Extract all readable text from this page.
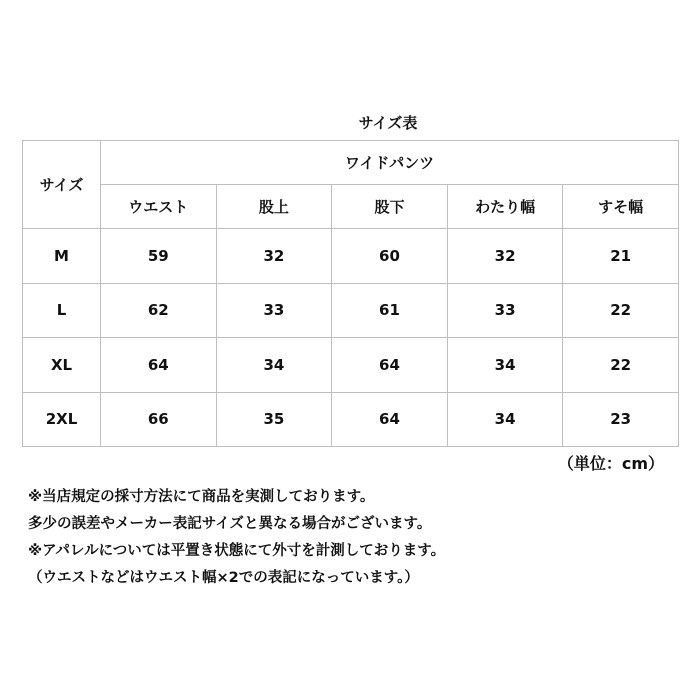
サイズ表
サイズ	ワイドパンツ				
	ウエスト	股上	股下	わたり幅	すそ幅
M	59	32	60	32	21
L	62	33	61	33	22
XL	64	34	64	34	22
2XL	66	35	64	34	23
（単位：cm）
※当店規定の採寸方法にて商品を実測しております。
多少の誤差やメーカー表記サイズと異なる場合がございます。
※アパレルについては平置き状態にて外寸を計測しております。
（ウエストなどはウエスト幅×2での表記になっています。）
